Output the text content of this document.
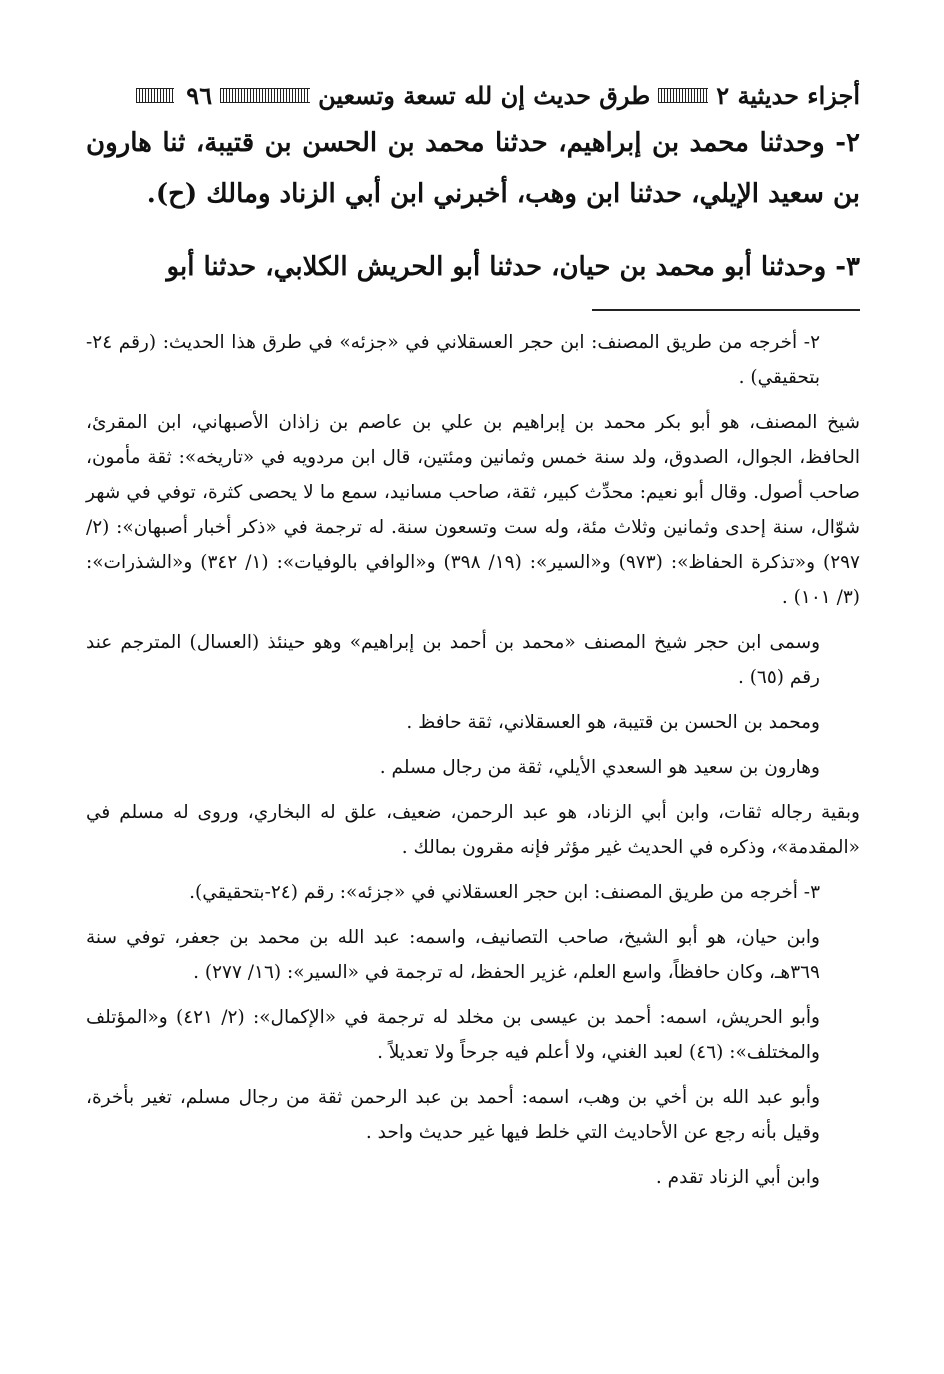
أجزاء حديثية ٢
طرق حديث إن لله تسعة وتسعين
٩٦

٢- وحدثنا محمد بن إبراهيم، حدثنا محمد بن الحسن بن قتيبة، ثنا هارون بن سعيد الإيلي، حدثنا ابن وهب، أخبرني ابن أبي الزناد ومالك (ح).

٣- وحدثنا أبو محمد بن حيان، حدثنا أبو الحريش الكلابي، حدثنا أبو

٢- أخرجه من طريق المصنف: ابن حجر العسقلاني في «جزئه» في طرق هذا الحديث: (رقم ٢٤- بتحقيقي) .

شيخ المصنف، هو أبو بكر محمد بن إبراهيم بن علي بن عاصم بن زاذان الأصبهاني، ابن المقرئ، الحافظ، الجوال، الصدوق، ولد سنة خمس وثمانين ومئتين، قال ابن مردويه في «تاريخه»: ثقة مأمون، صاحب أصول. وقال أبو نعيم: محدِّث كبير، ثقة، صاحب مسانيد، سمع ما لا يحصى كثرة، توفي في شهر شوّال، سنة إحدى وثمانين وثلاث مئة، وله ست وتسعون سنة. له ترجمة في «ذكر أخبار أصبهان»: (٢/ ٢٩٧) و«تذكرة الحفاظ»: (٩٧٣) و«السير»: (١٩/ ٣٩٨) و«الوافي بالوفيات»: (١/ ٣٤٢) و«الشذرات»: (٣/ ١٠١) .

وسمى ابن حجر شيخ المصنف «محمد بن أحمد بن إبراهيم» وهو حينئذ (العسال) المترجم عند رقم (٦٥) .

ومحمد بن الحسن بن قتيبة، هو العسقلاني، ثقة حافظ .

وهارون بن سعيد هو السعدي الأيلي، ثقة من رجال مسلم .

وبقية رجاله ثقات، وابن أبي الزناد، هو عبد الرحمن، ضعيف، علق له البخاري، وروى له مسلم في «المقدمة»، وذكره في الحديث غير مؤثر فإنه مقرون بمالك .

٣- أخرجه من طريق المصنف: ابن حجر العسقلاني في «جزئه»: رقم (٢٤-بتحقيقي).

وابن حيان، هو أبو الشيخ، صاحب التصانيف، واسمه: عبد الله بن محمد بن جعفر، توفي سنة ٣٦٩هـ، وكان حافظاً، واسع العلم، غزير الحفظ، له ترجمة في «السير»: (١٦/ ٢٧٧) .

وأبو الحريش، اسمه: أحمد بن عيسى بن مخلد له ترجمة في «الإكمال»: (٢/ ٤٢١) و«المؤتلف والمختلف»: (٤٦) لعبد الغني، ولا أعلم فيه جرحاً ولا تعديلاً .

وأبو عبد الله بن أخي بن وهب، اسمه: أحمد بن عبد الرحمن ثقة من رجال مسلم، تغير بأخرة، وقيل بأنه رجع عن الأحاديث التي خلط فيها غير حديث واحد .

وابن أبي الزناد تقدم .
